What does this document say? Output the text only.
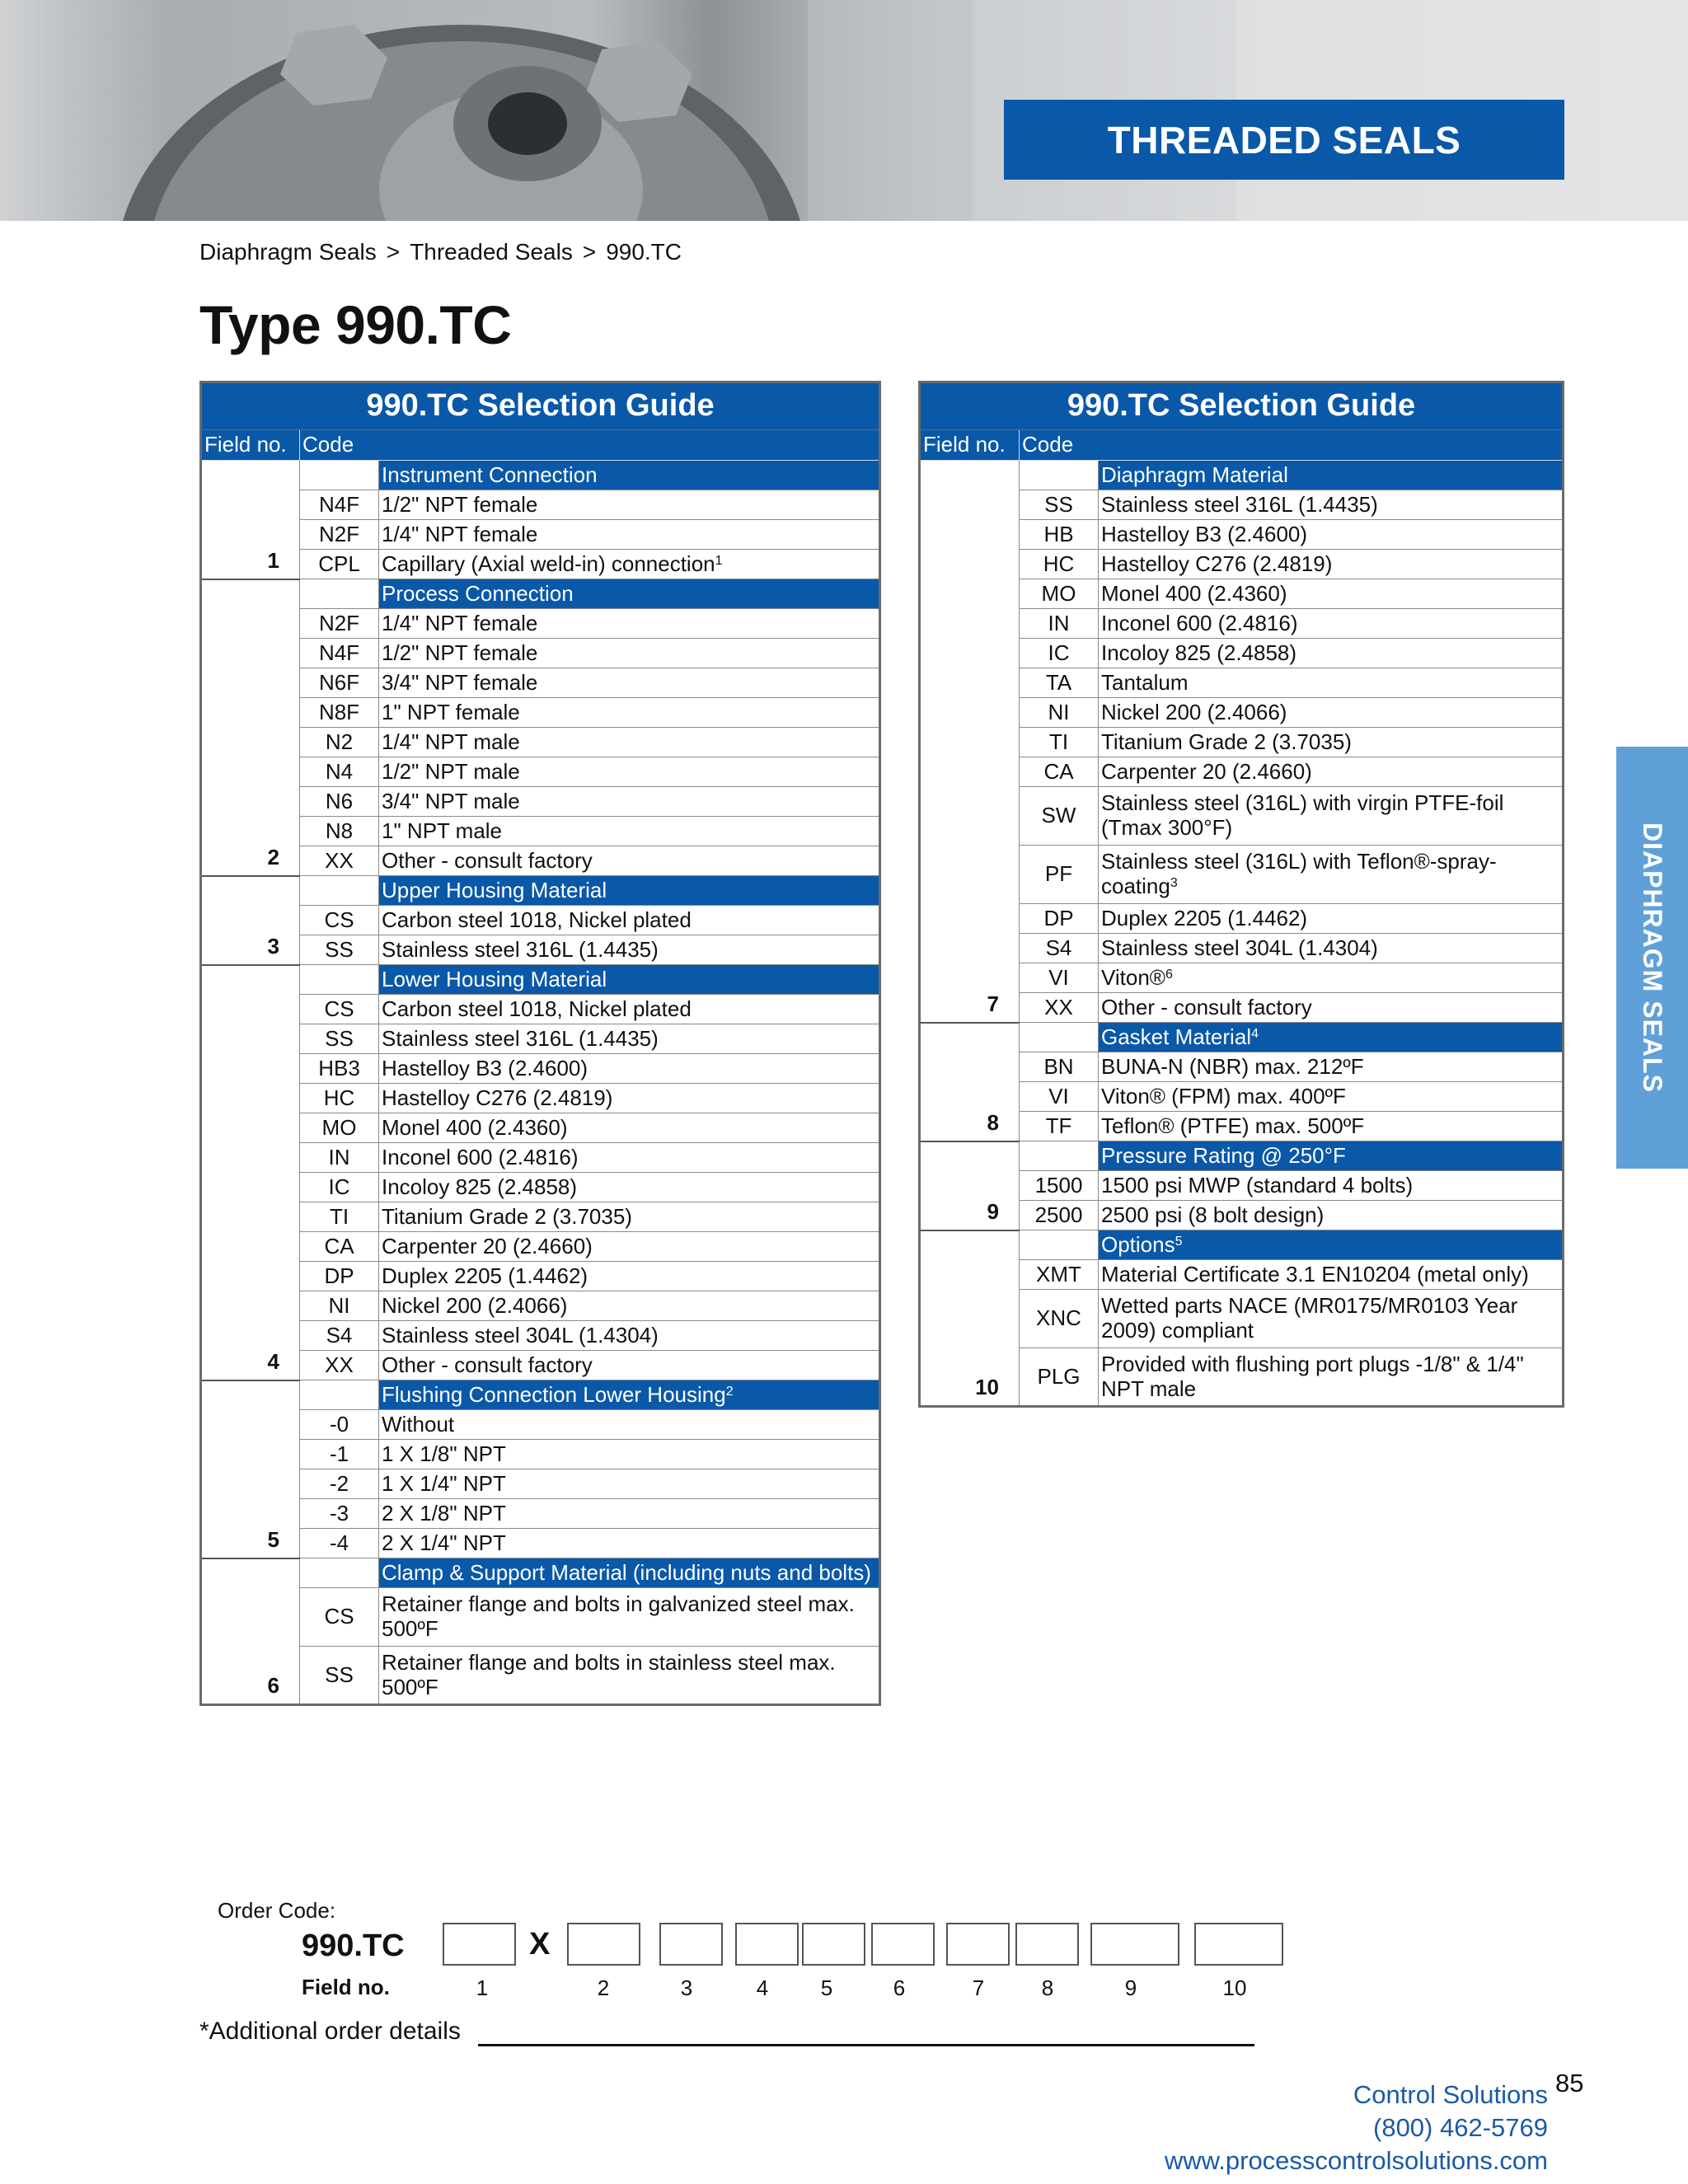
THREADED SEALS
Diaphragm Seals > Threaded Seals > 990.TC
Type 990.TC
990.TC Selection Guide		
Field no.	Code	
1		Instrument Connection
	N4F	1/2" NPT female
	N2F	1/4" NPT female
	CPL	Capillary (Axial weld-in) connection$^1$
2		Process Connection
	N2F	1/4" NPT female
	N4F	1/2" NPT female
	N6F	3/4" NPT female
	N8F	1" NPT female
	N2	1/4" NPT male
	N4	1/2" NPT male
	N6	3/4" NPT male
	N8	1" NPT male
	XX	Other - consult factory
3		Upper Housing Material
	CS	Carbon steel 1018, Nickel plated
	SS	Stainless steel 316L (1.4435)
4		Lower Housing Material
	CS	Carbon steel 1018, Nickel plated
	SS	Stainless steel 316L (1.4435)
	HB3	Hastelloy B3 (2.4600)
	HC	Hastelloy C276 (2.4819)
	MO	Monel 400 (2.4360)
	IN	Inconel 600 (2.4816)
	IC	Incoloy 825 (2.4858)
	TI	Titanium Grade 2 (3.7035)
	CA	Carpenter 20 (2.4660)
	DP	Duplex 2205 (1.4462)
	NI	Nickel 200 (2.4066)
	S4	Stainless steel 304L (1.4304)
	XX	Other - consult factory
5		Flushing Connection Lower Housing$^2$
	-0	Without
	-1	1 X 1/8" NPT
	-2	1 X 1/4" NPT
	-3	2 X 1/8" NPT
	-4	2 X 1/4" NPT
6		Clamp & Support Material (including nuts and bolts)
	CS	Retainer flange and bolts in galvanized steel max. 500ºF
	SS	Retainer flange and bolts in stainless steel max. 500ºF
990.TC Selection Guide		
Field no.	Code	
7		Diaphragm Material
	SS	Stainless steel 316L (1.4435)
	HB	Hastelloy B3 (2.4600)
	HC	Hastelloy C276 (2.4819)
	MO	Monel 400 (2.4360)
	IN	Inconel 600 (2.4816)
	IC	Incoloy 825 (2.4858)
	TA	Tantalum
	NI	Nickel 200 (2.4066)
	TI	Titanium Grade 2 (3.7035)
	CA	Carpenter 20 (2.4660)
	SW	Stainless steel (316L) with virgin PTFE-foil (Tmax 300°F)
	PF	Stainless steel (316L) with Teflon®-spray-coating$^3$
	DP	Duplex 2205 (1.4462)
	S4	Stainless steel 304L (1.4304)
	VI	Viton®$^6$
	XX	Other - consult factory
8		Gasket Material$^4$
	BN	BUNA-N (NBR) max. 212ºF
	VI	Viton® (FPM) max. 400ºF
	TF	Teflon® (PTFE) max. 500ºF
9		Pressure Rating @ 250°F
	1500	1500 psi MWP (standard 4 bolts)
	2500	2500 psi (8 bolt design)
10		Options$^5$
	XMT	Material Certificate 3.1 EN10204 (metal only)
	XNC	Wetted parts NACE (MR0175/MR0103 Year 2009) compliant
	PLG	Provided with flushing port plugs -1/8" & 1/4" NPT male
DIAPHRAGM SEALS
Order Code:
990.TC	X
Field no.	1	2	3	4	5	6	7	8	9	10
*Additional order details
Control Solutions
(800) 462-5769
www.processcontrolsolutions.com
85
